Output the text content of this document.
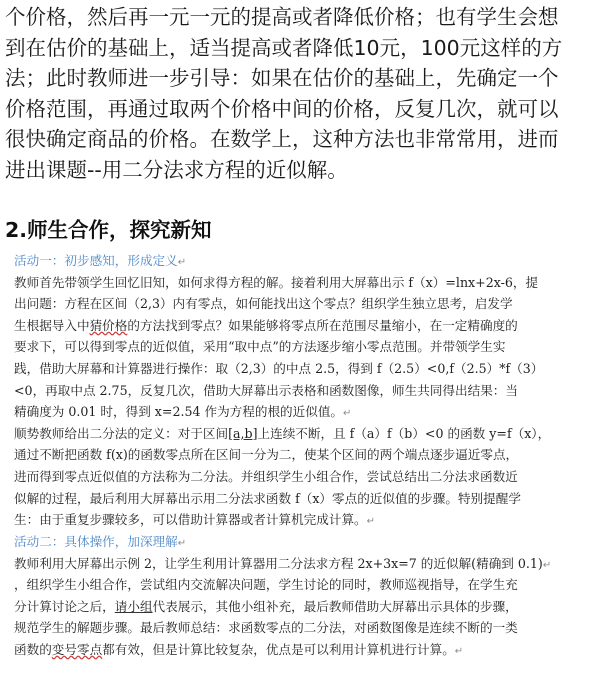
个价格，然后再一元一元的提高或者降低价格；也有学生会想
到在估价的基础上，适当提高或者降低10元，100元这样的方
法；此时教师进一步引导：如果在估价的基础上，先确定一个
价格范围，再通过取两个价格中间的价格，反复几次，就可以
很快确定商品的价格。在数学上，这种方法也非常常用，进而
进出课题--用二分法求方程的近似解。
2.师生合作，探究新知
活动一：初步感知，形成定义↵
教师首先带领学生回忆旧知，如何求得方程的解。接着利用大屏幕出示 f（x）=lnx+2x-6，提
出问题：方程在区间（2,3）内有零点，如何能找出这个零点？组织学生独立思考，启发学
生根据导入中猜价格的方法找到零点？如果能够将零点所在范围尽量缩小，在一定精确度的
要求下，可以得到零点的近似值，采用“取中点”的方法逐步缩小零点范围。并带领学生实
践，借助大屏幕和计算器进行操作：取（2,3）的中点 2.5，得到 f（2.5）<0,f（2.5）*f（3）
<0，再取中点 2.75，反复几次，借助大屏幕出示表格和函数图像，师生共同得出结果：当
精确度为 0.01 时，得到 x=2.54 作为方程的根的近似值。↵
顺势教师给出二分法的定义：对于区间[a,b]上连续不断，且 f（a）f（b）<0 的函数 y=f（x），
通过不断把函数 f(x)的函数零点所在区间一分为二，使某个区间的两个端点逐步逼近零点，
进而得到零点近似值的方法称为二分法。并组织学生小组合作，尝试总结出二分法求函数近
似解的过程，最后利用大屏幕出示用二分法求函数 f（x）零点的近似值的步骤。特别提醒学
生：由于重复步骤较多，可以借助计算器或者计算机完成计算。↵
活动二：具体操作，加深理解↵
教师利用大屏幕出示例 2，让学生利用计算器用二分法求方程 2x+3x=7 的近似解(精确到 0.1)↵
，组织学生小组合作，尝试组内交流解决问题，学生讨论的同时，教师巡视指导，在学生充
分计算讨论之后，请小组代表展示，其他小组补充，最后教师借助大屏幕出示具体的步骤，
规范学生的解题步骤。最后教师总结：求函数零点的二分法，对函数图像是连续不断的一类
函数的变号零点都有效，但是计算比较复杂，优点是可以利用计算机进行计算。↵
